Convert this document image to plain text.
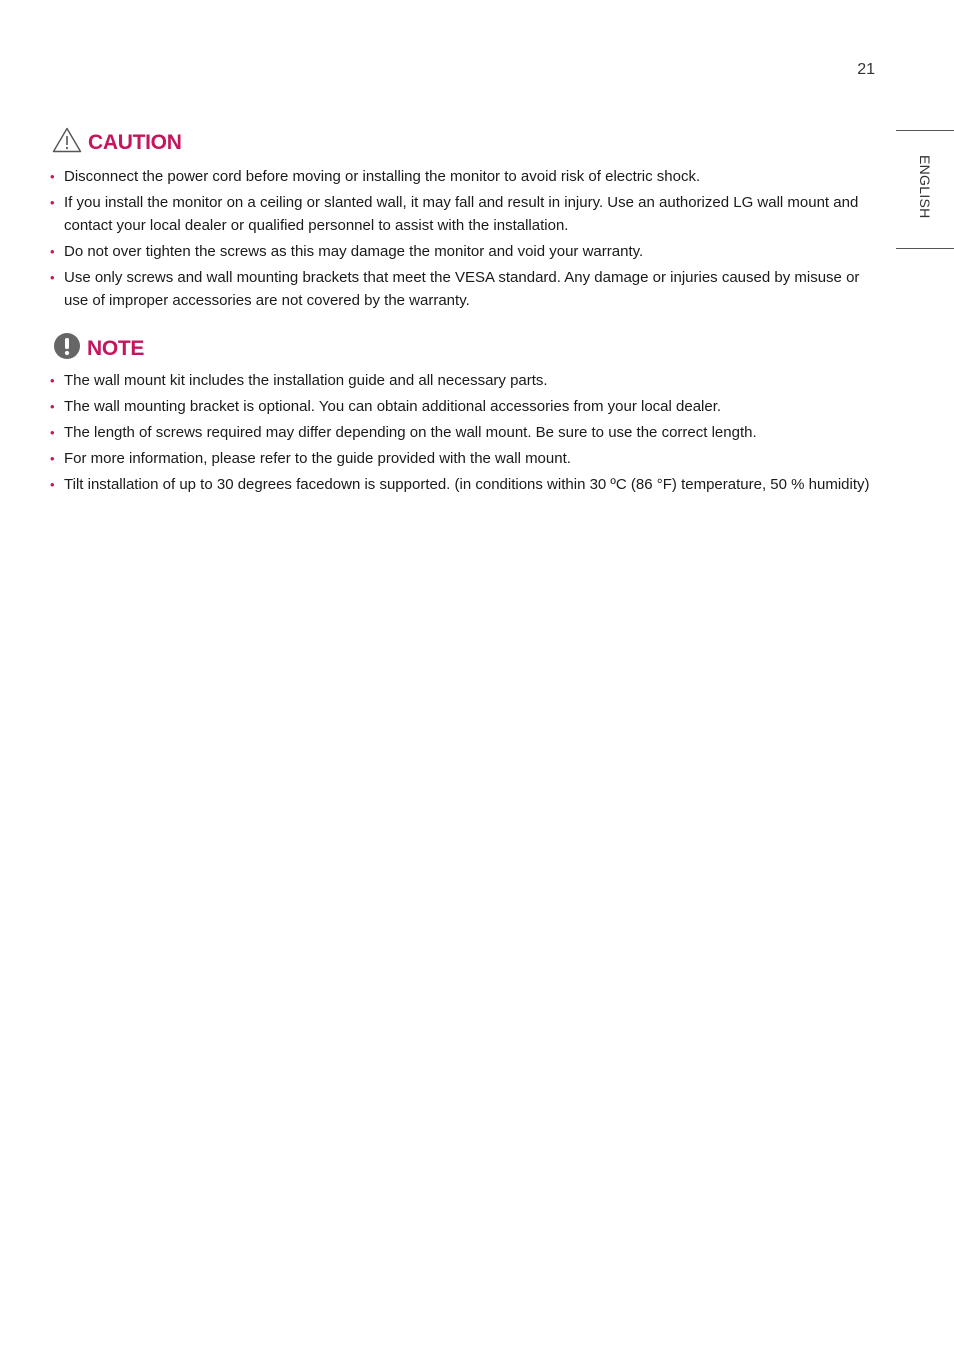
21
ENGLISH
CAUTION
• Disconnect the power cord before moving or installing the monitor to avoid risk of electric shock.
• If you install the monitor on a ceiling or slanted wall, it may fall and result in injury. Use an authorized LG wall mount and contact your local dealer or qualified personnel to assist with the installation.
• Do not over tighten the screws as this may damage the monitor and void your warranty.
• Use only screws and wall mounting brackets that meet the VESA standard. Any damage or injuries caused by misuse or use of improper accessories are not covered by the warranty.
NOTE
• The wall mount kit includes the installation guide and all necessary parts.
• The wall mounting bracket is optional. You can obtain additional accessories from your local dealer.
• The length of screws required may differ depending on the wall mount. Be sure to use the correct length.
• For more information, please refer to the guide provided with the wall mount.
• Tilt installation of up to 30 degrees facedown is supported. (in conditions within 30 ºC (86 °F) temperature, 50 % humidity)
